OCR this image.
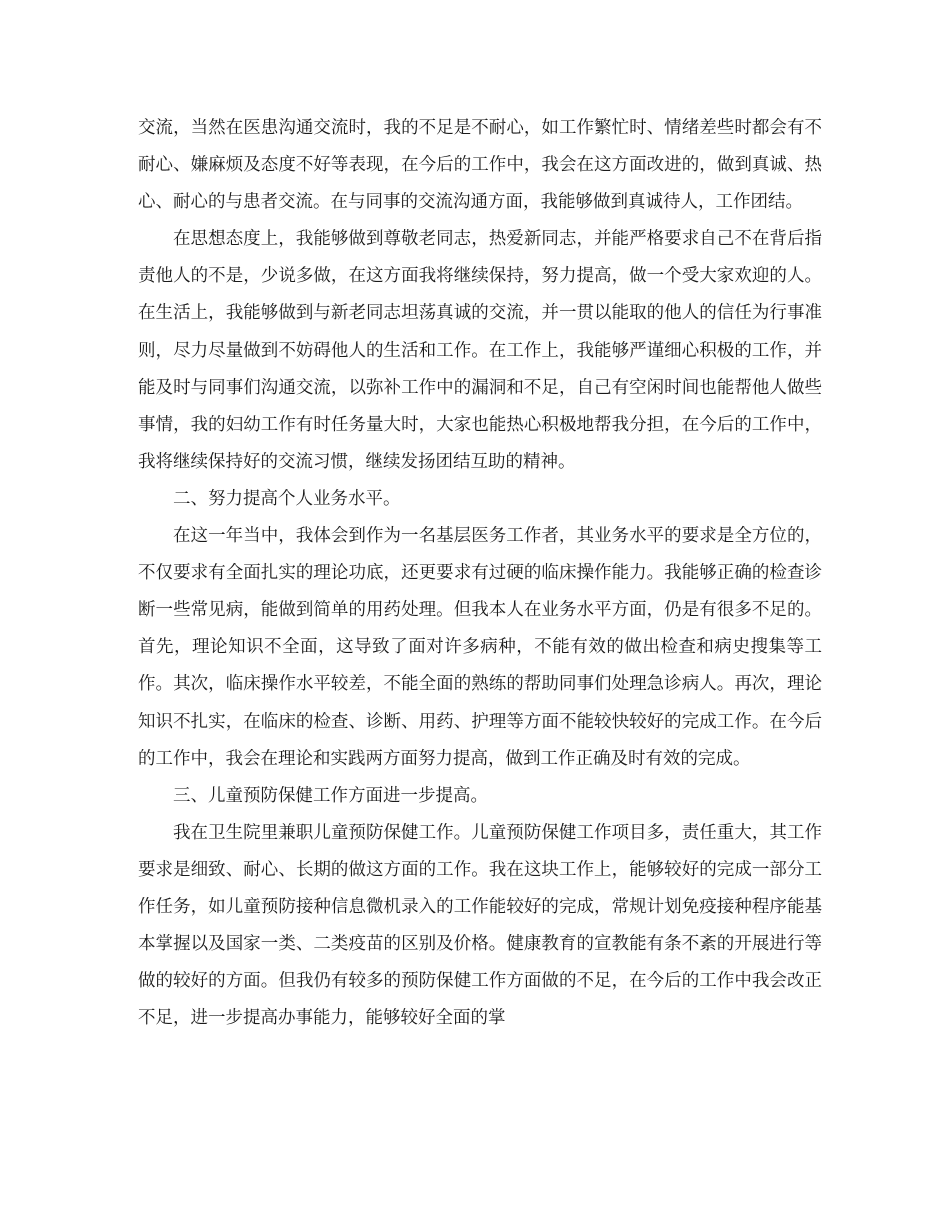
交流，当然在医患沟通交流时，我的不足是不耐心，如工作繁忙时、情绪差些时都会有不耐心、嫌麻烦及态度不好等表现，在今后的工作中，我会在这方面改进的，做到真诚、热心、耐心的与患者交流。在与同事的交流沟通方面，我能够做到真诚待人，工作团结。

在思想态度上，我能够做到尊敬老同志，热爱新同志，并能严格要求自己不在背后指责他人的不是，少说多做，在这方面我将继续保持，努力提高，做一个受大家欢迎的人。在生活上，我能够做到与新老同志坦荡真诚的交流，并一贯以能取的他人的信任为行事准则，尽力尽量做到不妨碍他人的生活和工作。在工作上，我能够严谨细心积极的工作，并能及时与同事们沟通交流，以弥补工作中的漏洞和不足，自己有空闲时间也能帮他人做些事情，我的妇幼工作有时任务量大时，大家也能热心积极地帮我分担，在今后的工作中，我将继续保持好的交流习惯，继续发扬团结互助的精神。

二、努力提高个人业务水平。

在这一年当中，我体会到作为一名基层医务工作者，其业务水平的要求是全方位的，不仅要求有全面扎实的理论功底，还更要求有过硬的临床操作能力。我能够正确的检查诊断一些常见病，能做到简单的用药处理。但我本人在业务水平方面，仍是有很多不足的。首先，理论知识不全面，这导致了面对许多病种，不能有效的做出检查和病史搜集等工作。其次，临床操作水平较差，不能全面的熟练的帮助同事们处理急诊病人。再次，理论知识不扎实，在临床的检查、诊断、用药、护理等方面不能较快较好的完成工作。在今后的工作中，我会在理论和实践两方面努力提高，做到工作正确及时有效的完成。

三、儿童预防保健工作方面进一步提高。

我在卫生院里兼职儿童预防保健工作。儿童预防保健工作项目多，责任重大，其工作要求是细致、耐心、长期的做这方面的工作。我在这块工作上，能够较好的完成一部分工作任务，如儿童预防接种信息微机录入的工作能较好的完成，常规计划免疫接种程序能基本掌握以及国家一类、二类疫苗的区别及价格。健康教育的宣教能有条不紊的开展进行等做的较好的方面。但我仍有较多的预防保健工作方面做的不足，在今后的工作中我会改正不足，进一步提高办事能力，能够较好全面的掌
